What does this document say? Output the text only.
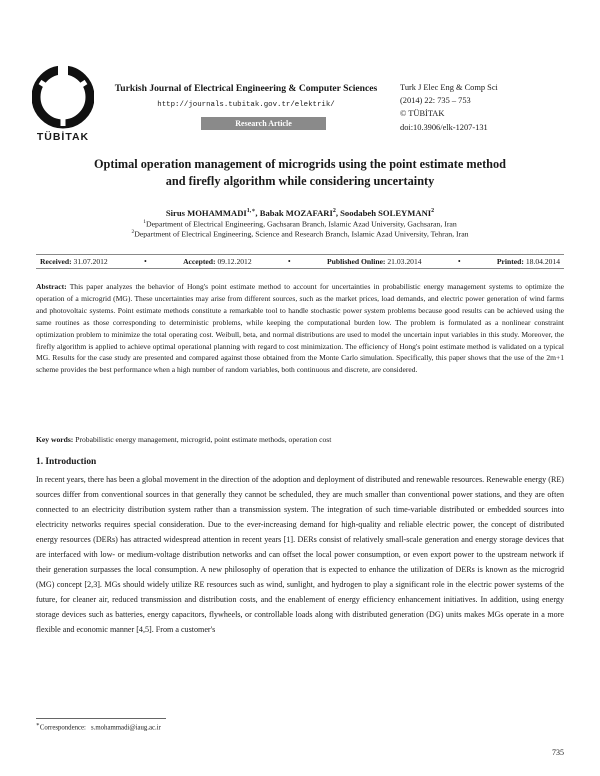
TÜBİTAK
Turkish Journal of Electrical Engineering & Computer Sciences
http://journals.tubitak.gov.tr/elektrik/
Research Article
Turk J Elec Eng & Comp Sci
(2014) 22: 735 – 753
© TÜBİTAK
doi:10.3906/elk-1207-131
Optimal operation management of microgrids using the point estimate method
and firefly algorithm while considering uncertainty
Sirus $MOHAMMADI^{1,∗}$, Babak MOZAFARI$^2$, Soodabeh SOLEYMANI$^2$
$^1$Department of Electrical Engineering, Gachsaran Branch, Islamic Azad University, Gachsaran, Iran
$^2$Department of Electrical Engineering, Science and Research Branch, Islamic Azad University, Tehran, Iran
Received: 31.07.2012	•	Accepted: 09.12.2012	•	Published Online: 21.03.2014	•	Printed: 18.04.2014
Abstract: This paper analyzes the behavior of Hong's point estimate method to account for uncertainties in probabilistic energy management systems to optimize the operation of a microgrid (MG). These uncertainties may arise from different sources, such as the market prices, load demands, and electric power generation of wind farms and photovoltaic systems. Point estimate methods constitute a remarkable tool to handle stochastic power system problems because good results can be achieved using the same routines as those corresponding to deterministic problems, while keeping the computational burden low. The problem is formulated as a nonlinear constraint optimization problem to minimize the total operating cost. Weibull, beta, and normal distributions are used to model the uncertain input variables in this study. Moreover, the firefly algorithm is applied to achieve optimal operational planning with regard to cost minimization. The efficiency of Hong's point estimate method is validated on a typical MG. Results for the case study are presented and compared against those obtained from the Monte Carlo simulation. Specifically, this paper shows that the use of the 2m+1 scheme provides the best performance when a high number of random variables, both continuous and discrete, are considered.
Key words: Probabilistic energy management, microgrid, point estimate methods, operation cost
1. Introduction

In recent years, there has been a global movement in the direction of the adoption and deployment of distributed and renewable resources. Renewable energy (RE) sources differ from conventional sources in that generally they cannot be scheduled, they are much smaller than conventional power stations, and they are often connected to an electricity distribution system rather than a transmission system. The integration of such time-variable distributed or embedded sources into electricity networks requires special consideration. Due to the ever-increasing demand for high-quality and reliable electric power, the concept of distributed energy resources (DERs) has attracted widespread attention in recent years [1]. DERs consist of relatively small-scale generation and energy storage devices that are interfaced with low- or medium-voltage distribution networks and can offset the local power consumption, or even export power to the upstream network if their generation surpasses the local consumption. A new philosophy of operation that is expected to enhance the utilization of DERs is known as the microgrid (MG) concept [2,3]. MGs should widely utilize RE resources such as wind, sunlight, and hydrogen to play a significant role in the electric power systems of the future, for cleaner air, reduced transmission and distribution costs, and the enablement of energy efficiency enhancement initiatives. In addition, using energy storage devices such as batteries, energy capacitors, flywheels, or controllable loads along with distributed generation (DG) units makes MGs operate in a more flexible and economic manner [4,5]. From a customer's

∗Correspondence: s.mohammadi@iaug.ac.ir
735
